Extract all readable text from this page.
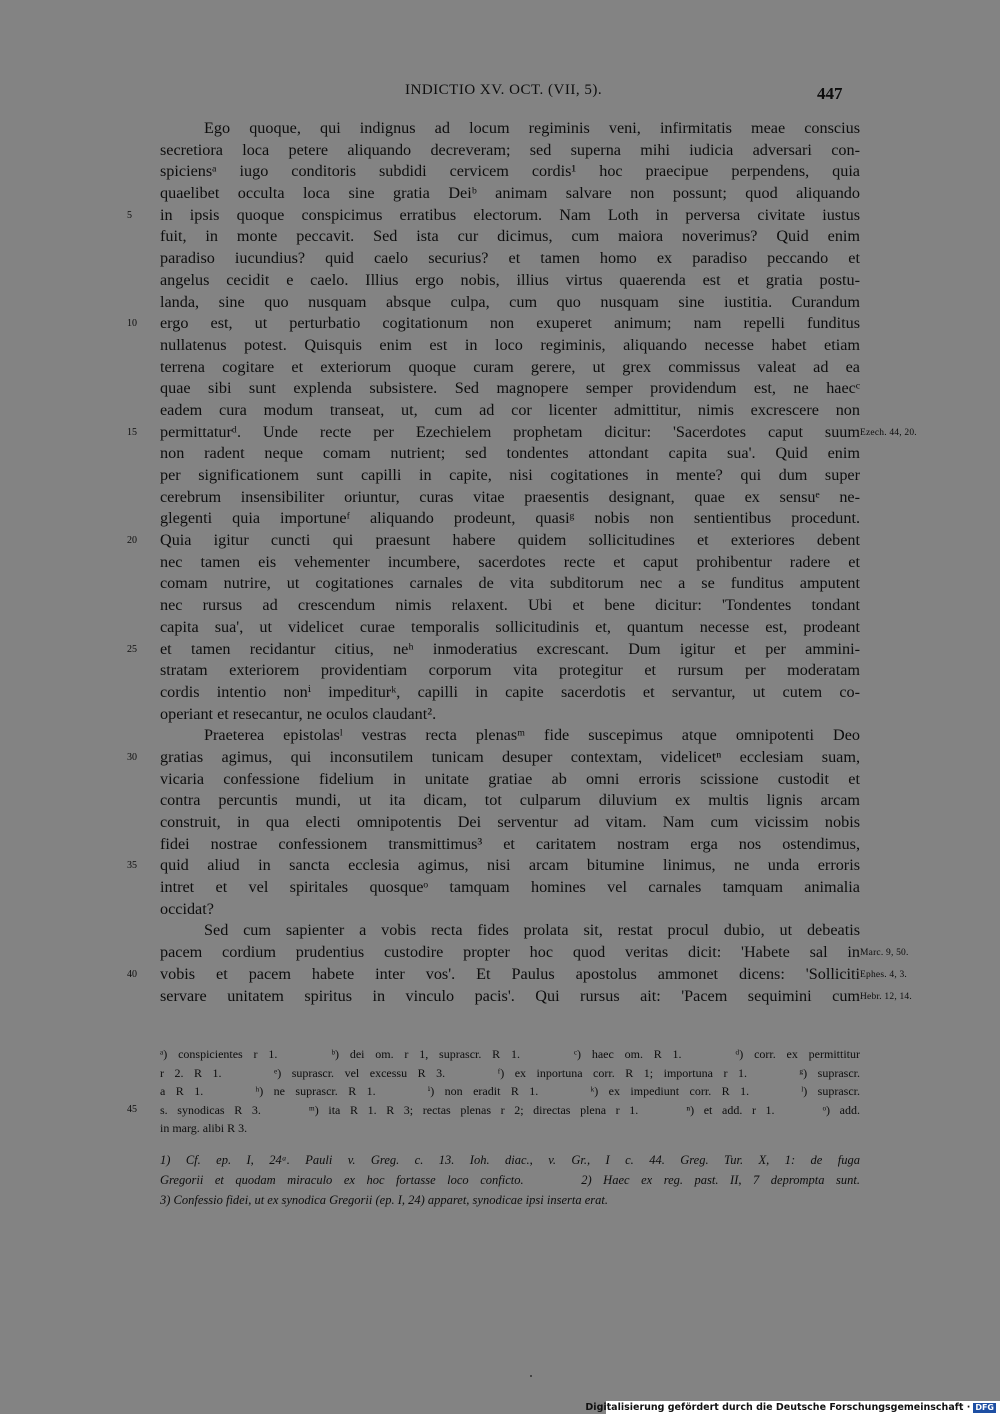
INDICTIO XV. OCT. (VII, 5).	447
Ego quoque, qui indignus ad locum regiminis veni, infirmitatis meae conscius
secretiora loca petere aliquando decreveram; sed superna mihi iudicia adversari con-
spiciensᵃ iugo conditoris subdidi cervicem cordis¹ hoc praecipue perpendens, quia
quaelibet occulta loca sine gratia Deiᵇ animam salvare non possunt; quod aliquando
in ipsis quoque conspicimus erratibus electorum. Nam Loth in perversa civitate iustus
5
fuit, in monte peccavit. Sed ista cur dicimus, cum maiora noverimus? Quid enim
paradiso iucundius? quid caelo securius? et tamen homo ex paradiso peccando et
angelus cecidit e caelo. Illius ergo nobis, illius virtus quaerenda est et gratia postu-
landa, sine quo nusquam absque culpa, cum quo nusquam sine iustitia. Curandum
ergo est, ut perturbatio cogitationum non exuperet animum; nam repelli funditus
10
nullatenus potest. Quisquis enim est in loco regiminis, aliquando necesse habet etiam
terrena cogitare et exteriorum quoque curam gerere, ut grex commissus valeat ad ea
quae sibi sunt explenda subsistere. Sed magnopere semper providendum est, ne haecᶜ
eadem cura modum transeat, ut, cum ad cor licenter admittitur, nimis excrescere non
permittaturᵈ. Unde recte per Ezechielem prophetam dicitur: 'Sacerdotes caput suum
15	Ezech. 44, 20.
non radent neque comam nutrient; sed tondentes attondant capita sua'. Quid enim
per significationem sunt capilli in capite, nisi cogitationes in mente? qui dum super
cerebrum insensibiliter oriuntur, curas vitae praesentis designant, quae ex sensuᵉ ne-
glegenti quia importuneᶠ aliquando prodeunt, quasiᵍ nobis non sentientibus procedunt.
Quia igitur cuncti qui praesunt habere quidem sollicitudines et exteriores debent
20
nec tamen eis vehementer incumbere, sacerdotes recte et caput prohibentur radere et
comam nutrire, ut cogitationes carnales de vita subditorum nec a se funditus amputent
nec rursus ad crescendum nimis relaxent. Ubi et bene dicitur: 'Tondentes tondant
capita sua', ut videlicet curae temporalis sollicitudinis et, quantum necesse est, prodeant
et tamen recidantur citius, neʰ inmoderatius excrescant. Dum igitur et per ammini-
25
stratam exteriorem providentiam corporum vita protegitur et rursum per moderatam
cordis intentio nonⁱ impediturᵏ, capilli in capite sacerdotis et servantur, ut cutem co-
operiant et resecantur, ne oculos claudant².
Praeterea epistolasˡ vestras recta plenasᵐ fide suscepimus atque omnipotenti Deo
gratias agimus, qui inconsutilem tunicam desuper contextam, videlicetⁿ ecclesiam suam,
30
vicaria confessione fidelium in unitate gratiae ab omni erroris scissione custodit et
contra percuntis mundi, ut ita dicam, tot culparum diluvium ex multis lignis arcam
construit, in qua electi omnipotentis Dei serventur ad vitam. Nam cum vicissim nobis
fidei nostrae confessionem transmittimus³ et caritatem nostram erga nos ostendimus,
quid aliud in sancta ecclesia agimus, nisi arcam bitumine linimus, ne unda erroris
35
intret et vel spiritales quosqueᵒ tamquam homines vel carnales tamquam animalia
occidat?
Sed cum sapienter a vobis recta fides prolata sit, restat procul dubio, ut debeatis
pacem cordium prudentius custodire propter hoc quod veritas dicit: 'Habete sal in Marc. 9, 50.
vobis et pacem habete inter vos'. Et Paulus apostolus ammonet dicens: 'Solliciti
40	Ephes. 4, 3.
servare unitatem spiritus in vinculo pacis'. Qui rursus ait: 'Pacem sequimini cum Hebr. 12, 14.
ᵃ) conspicientes r 1.     ᵇ) dei om. r 1, suprascr. R 1.     ᶜ) haec om. R 1.     ᵈ) corr. ex permittitur
r 2. R 1.     ᵉ) suprascr. vel excessu R 3.     ᶠ) ex inportuna corr. R 1; importuna r 1.     ᵍ) suprascr.
a R 1.     ʰ) ne suprascr. R 1.     ⁱ) non eradit R 1.     ᵏ) ex impediunt corr. R 1.     ˡ) suprascr.
s. synodicas R 3.     ᵐ) ita R 1. R 3; rectas plenas r 2; directas plena r 1.     ⁿ) et add. r 1.     ᵒ) add.
45
in marg. alibi R 3.
1) Cf. ep. I, 24ᵃ. Pauli v. Greg. c. 13. Ioh. diac., v. Gr., I c. 44. Greg. Tur. X, 1: de fuga
Gregorii et quodam miraculo ex hoc fortasse loco conficto.     2) Haec ex reg. past. II, 7 deprompta sunt.
3) Confessio fidei, ut ex synodica Gregorii (ep. I, 24) apparet, synodicae ipsi inserta erat.
Digitalisierung gefördert durch die Deutsche Forschungsgemeinschaft · DFG
